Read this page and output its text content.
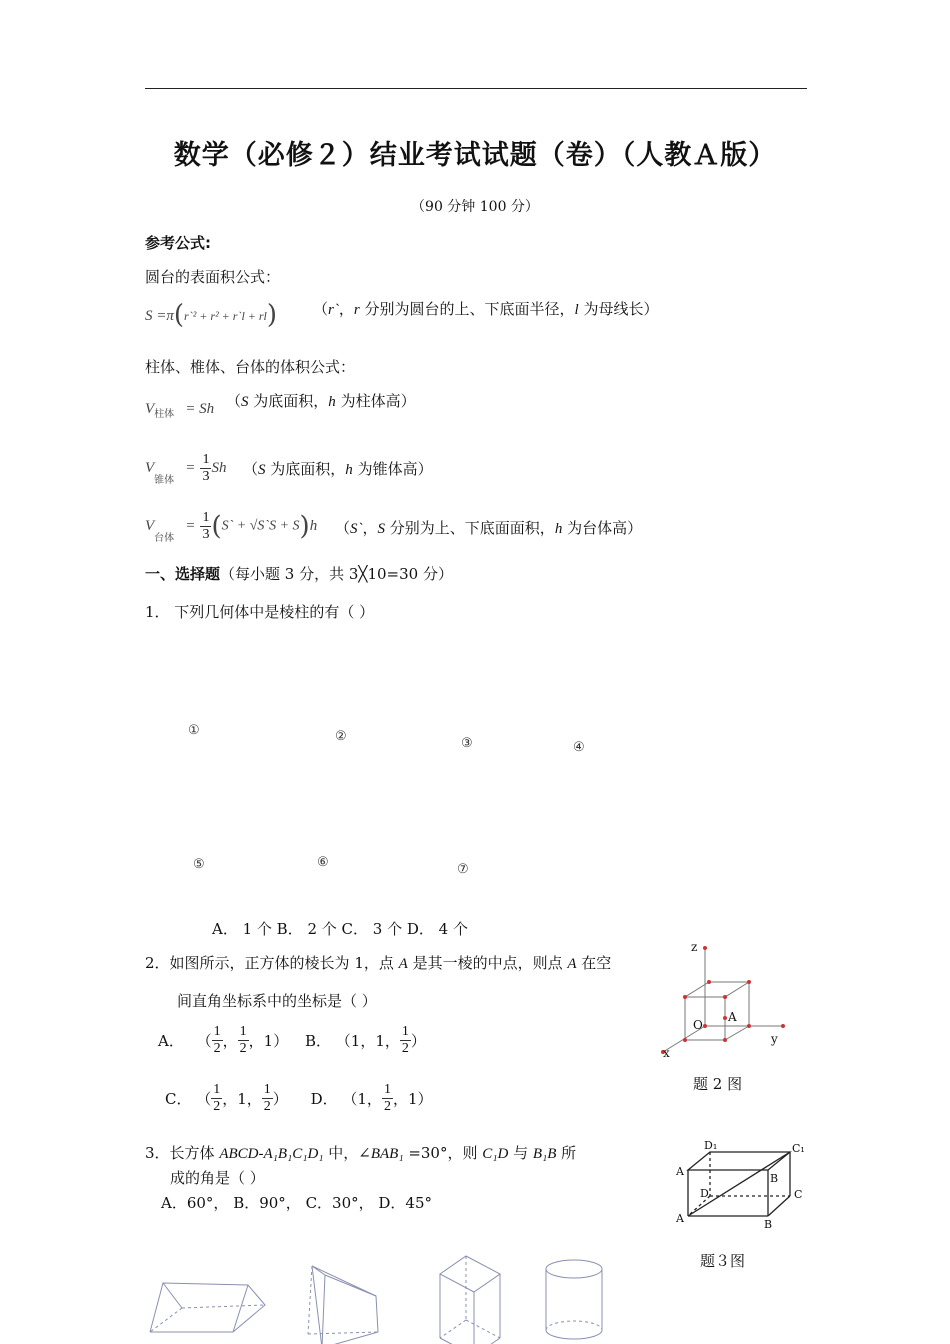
数学（必修２）结业考试试题（卷）（人教Ａ版）
（90 分钟 100 分）
参考公式:
圆台的表面积公式：
S =π(r`² + r² + r`l + rl) （r`，r 分别为圆台的上、下底面半径，l 为母线长）
柱体、椎体、台体的体积公式：
$V_{柱体} = Sh$ （S 为底面积，h 为柱体高）
$V_{锥体} = \frac{1}{3}$ Sh （S 为底面积，h 为锥体高）
$V_{台体} = \frac{1}{3}$ (S` + √S`S + S)h （S`，S 分别为上、下底面面积，h 为台体高）
一、选择题（每小题 3 分，共 3╳10=30 分）
1． 下列几何体中是棱柱的有（ ）
①	②	③	④
⑤	⑥	⑦
A． 1 个 B． 2 个 C． 3 个 D． 4 个
2．如图所示，正方体的棱长为 1，点 A 是其一棱的中点，则点 A 在空
间直角坐标系中的坐标是（ ）
A． （ $\frac{1}{2}$ ， $\frac{1}{2}$ ，1） B． （1，1， $\frac{1}{2}$ ）
C． （ $\frac{1}{2}$ ，1， $\frac{1}{2}$ ） D． （1， $\frac{1}{2}$ ，1）
z
y
x
O
A
题 2 图
3．长方体 ABCD-A₁B₁C₁D₁ 中，∠BAB₁ =30°，则 C₁D 与 B₁B 所
成的角是（ ）
A．60°， B．90°， C．30°， D．45°
D₁	C₁
A
B
D	C
A	B
题３图
